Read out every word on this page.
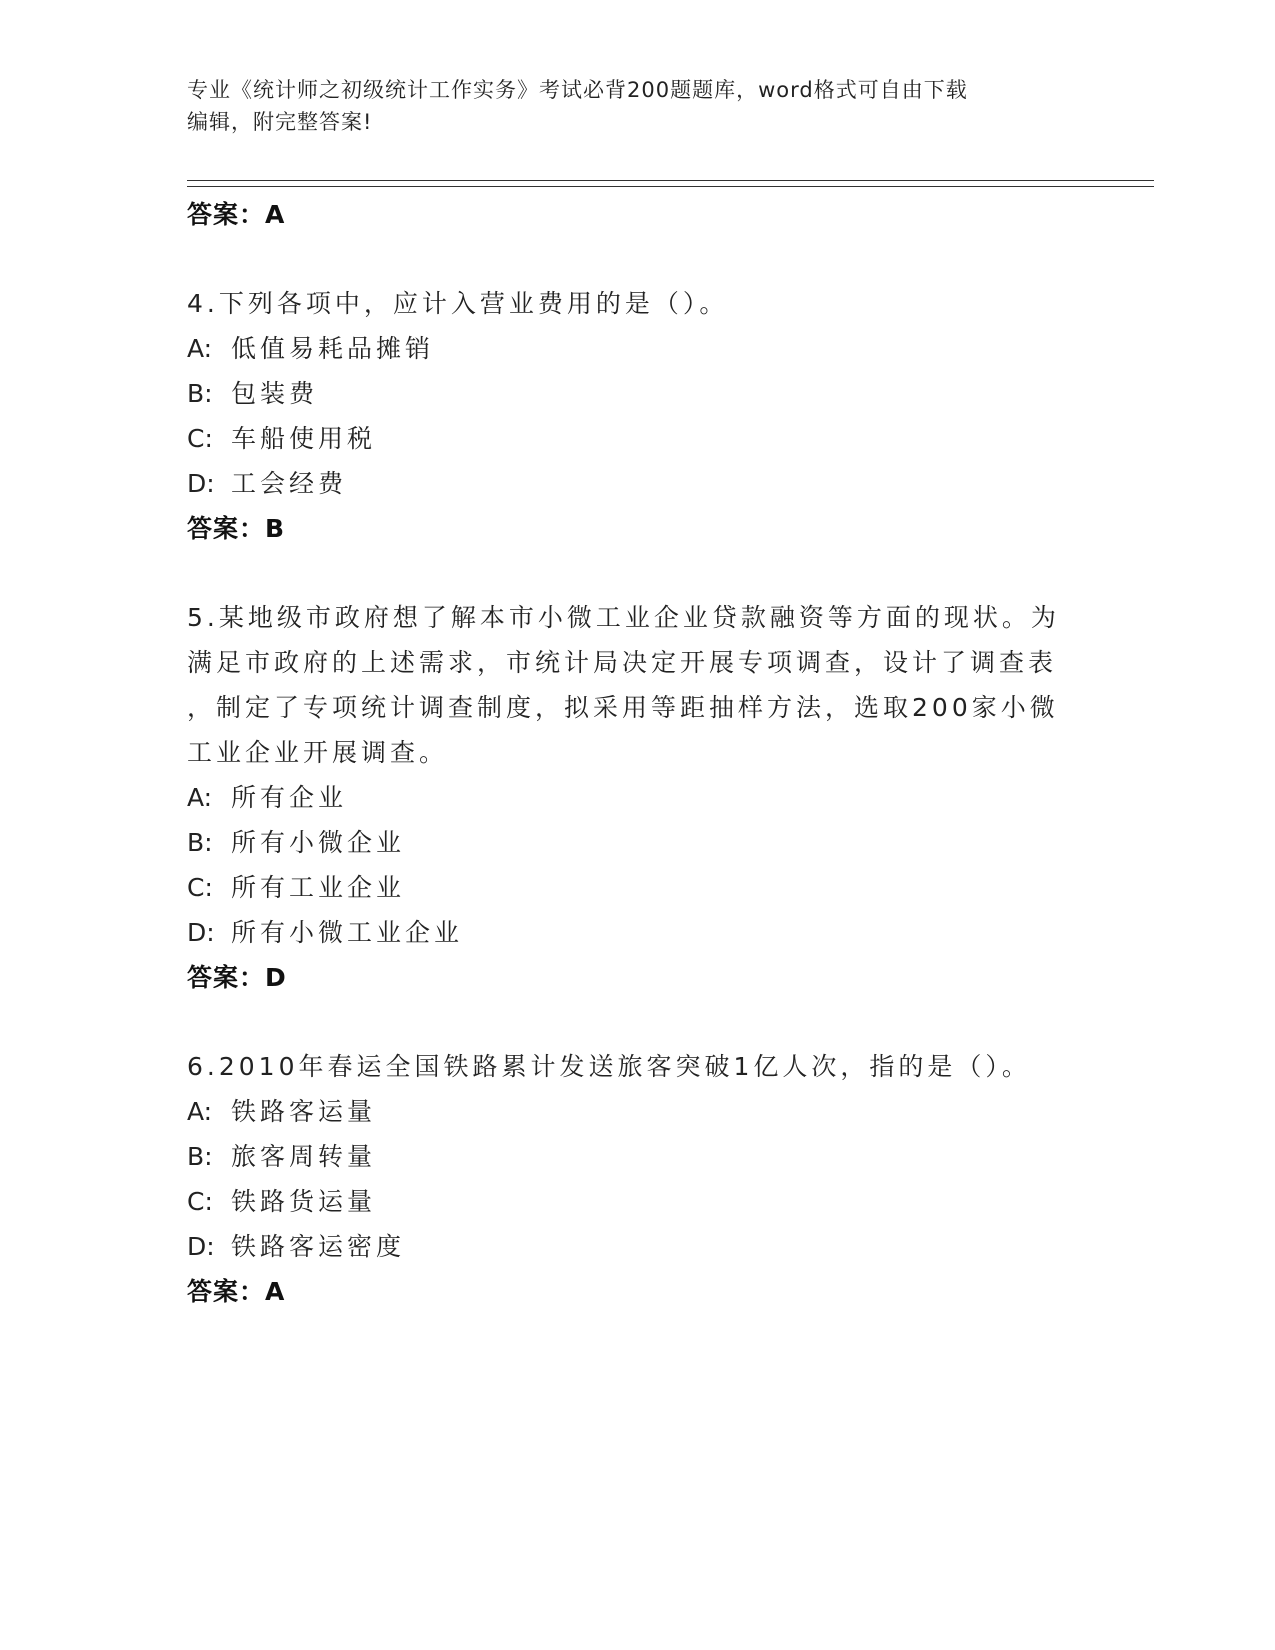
专业《统计师之初级统计工作实务》考试必背200题题库，word格式可自由下载
编辑，附完整答案!
答案：A

4.下列各项中，应计入营业费用的是（）。

A: 低值易耗品摊销
B: 包装费
C: 车船使用税
D: 工会经费
答案：B
5.某地级市政府想了解本市小微工业企业贷款融资等方面的现状。为
满足市政府的上述需求，市统计局决定开展专项调查，设计了调查表
，制定了专项统计调查制度，拟采用等距抽样方法，选取200家小微
工业企业开展调查。
A: 所有企业
B: 所有小微企业
C: 所有工业企业
D: 所有小微工业企业
答案：D

6.2010年春运全国铁路累计发送旅客突破1亿人次，指的是（）。

A: 铁路客运量
B: 旅客周转量
C: 铁路货运量
D: 铁路客运密度
答案：A
